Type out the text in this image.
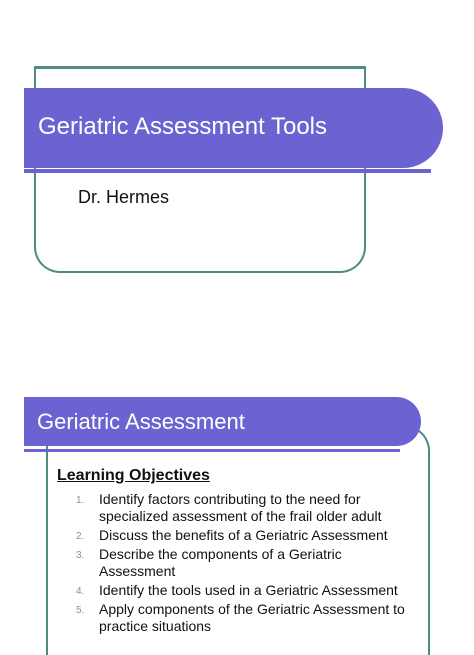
Geriatric Assessment Tools
Dr. Hermes
Geriatric Assessment
Learning Objectives
1.	Identify factors contributing to the need for specialized assessment of the frail older adult
2.	Discuss the benefits of a Geriatric Assessment
3.	Describe the components of a Geriatric Assessment
4.	Identify the tools used in a Geriatric Assessment
5.	Apply components of the Geriatric Assessment to practice situations
